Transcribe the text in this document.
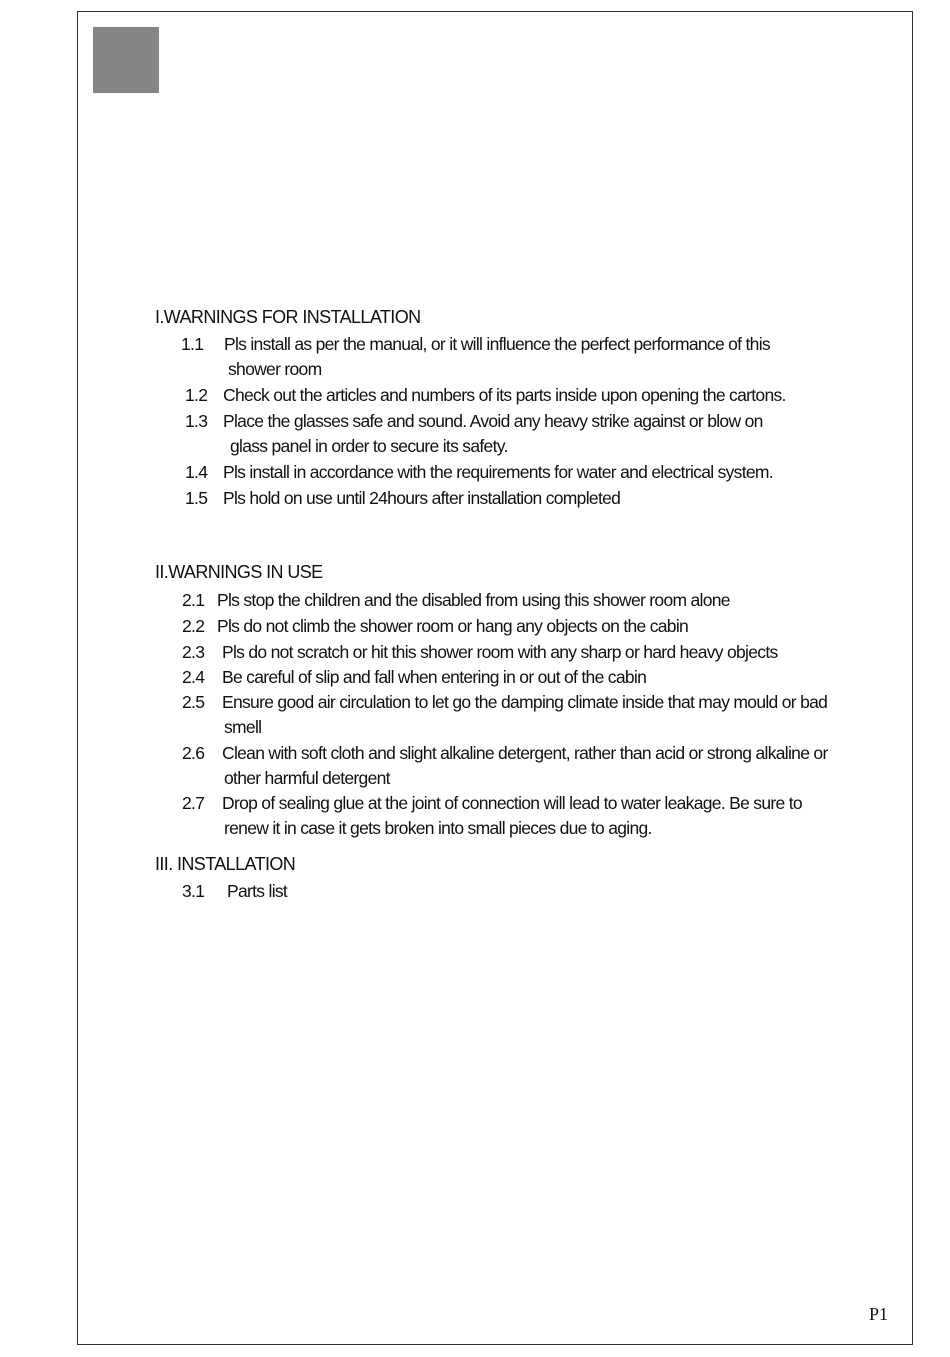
I.WARNINGS FOR INSTALLATION
1.1 Pls install as per the manual, or it will influence the perfect performance of this
shower room
1.2 Check out the articles and numbers of its parts inside upon opening the cartons.
1.3 Place the glasses safe and sound. Avoid any heavy strike against or blow on
glass panel in order to secure its safety.
1.4 Pls install in accordance with the requirements for water and electrical system.
1.5 Pls hold on use until 24hours after installation completed
II.WARNINGS IN USE
2.1 Pls stop the children and the disabled from using this shower room alone
2.2 Pls do not climb the shower room or hang any objects on the cabin
2.3 Pls do not scratch or hit this shower room with any sharp or hard heavy objects
2.4 Be careful of slip and fall when entering in or out of the cabin
2.5 Ensure good air circulation to let go the damping climate inside that may mould or bad
smell
2.6 Clean with soft cloth and slight alkaline detergent, rather than acid or strong alkaline or
other harmful detergent
2.7 Drop of sealing glue at the joint of connection will lead to water leakage. Be sure to
renew it in case it gets broken into small pieces due to aging.
III. INSTALLATION
3.1 Parts list
P1
